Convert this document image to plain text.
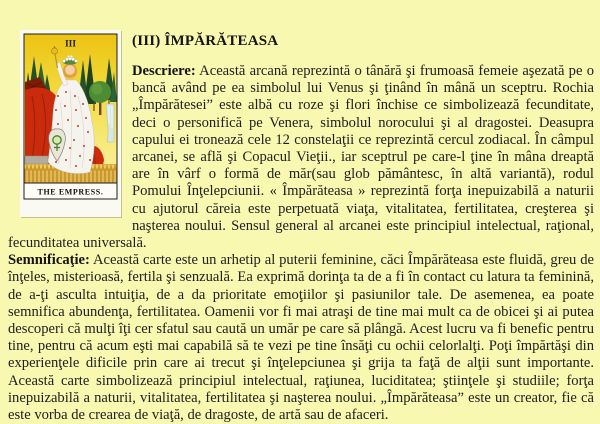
III
THE EMPRESS.
(III) ÎMPĂRĂTEASA

Descriere: Această arcană reprezintă o tânără şi frumoasă femeie aşezată pe o bancă având pe ea simbolul lui Venus şi ţinând în mână un sceptru. Rochia „Împărătesei” este albă cu roze şi flori închise ce simbolizează fecunditate, deci o personifică pe Venera, simbolul norocului şi al dragostei. Deasupra capului ei tronează cele 12 constelaţii ce reprezintă cercul zodiacal. În câmpul arcanei, se află şi Copacul Vieţii., iar sceptrul pe care-l ţine în mâna dreaptă are în vârf o formă de măr(sau glob pământesc, în altă variantă), rodul Pomului Înţelepciunii. « Împărăteasa » reprezintă forţa inepuizabilă a naturii cu ajutorul căreia este perpetuată viaţa, vitalitatea, fertilitatea, creşterea şi naşterea noului. Sensul general al arcanei este principiul intelectual, raţional, fecunditatea universală.

Semnificaţie: Această carte este un arhetip al puterii feminine, căci Împărăteasa este fluidă, greu de înţeles, misterioasă, fertila şi senzuală. Ea exprimă dorinţa ta de a fi în contact cu latura ta feminină, de a-ţi asculta intuiţia, de a da prioritate emoţiilor şi pasiunilor tale. De asemenea, ea poate semnifica abundenţa, fertilitatea. Oamenii vor fi mai atraşi de tine mai mult ca de obicei şi ai putea descoperi că mulţi îţi cer sfatul sau caută un umăr pe care să plângă. Acest lucru va fi benefic pentru tine, pentru că acum eşti mai capabilă să te vezi pe tine însăţi cu ochii celorlalţi. Poţi împărtăşi din experienţele dificile prin care ai trecut şi înţelepciunea şi grija ta faţă de alţii sunt importante. Această carte simbolizează principiul intelectual, raţiunea, luciditatea; ştiinţele şi studiile; forţa inepuizabilă a naturii, vitalitatea, fertilitatea şi naşterea noului. „Împărăteasa” este un creator, fie că este vorba de crearea de viaţă, de dragoste, de artă sau de afaceri.
